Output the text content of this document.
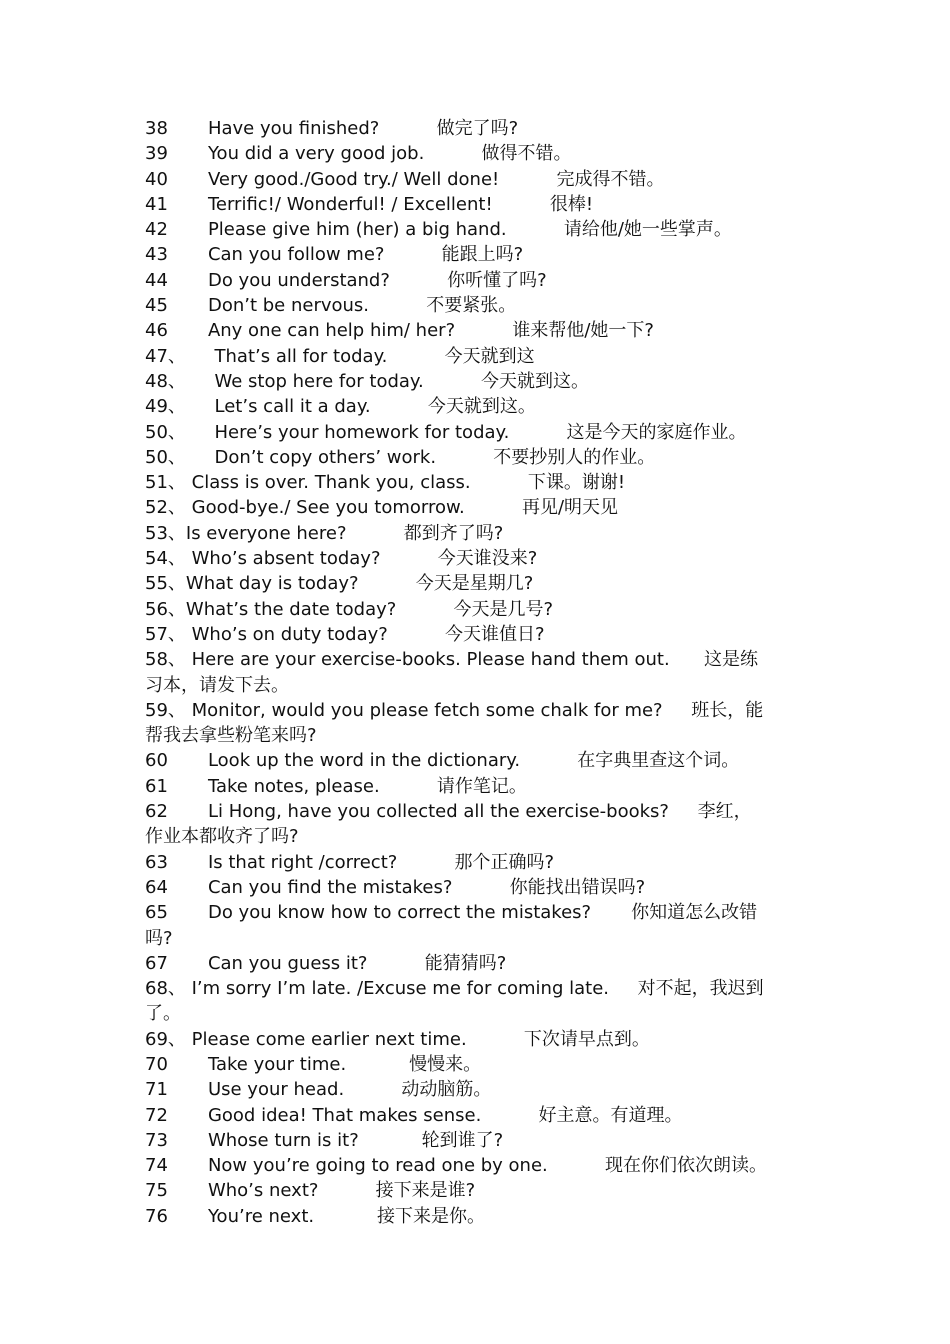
38       Have you finished?          做完了吗?
39       You did a very good job.          做得不错。
40       Very good./Good try./ Well done!          完成得不错。
41       Terrific!/ Wonderful! / Excellent!          很棒!
42       Please give him (her) a big hand.          请给他/她一些掌声。
43       Can you follow me?          能跟上吗?
44       Do you understand?          你听懂了吗?
45       Don’t be nervous.          不要紧张。
46       Any one can help him/ her?          谁来帮他/她一下?
47、     That’s all for today.          今天就到这
48、     We stop here for today.          今天就到这。
49、     Let’s call it a day.          今天就到这。
50、     Here’s your homework for today.          这是今天的家庭作业。
50、     Don’t copy others’ work.          不要抄别人的作业。
51、 Class is over. Thank you, class.          下课。谢谢!
52、 Good-bye./ See you tomorrow.          再见/明天见
53、Is everyone here?          都到齐了吗?
54、 Who’s absent today?          今天谁没来?
55、What day is today?          今天是星期几?
56、What’s the date today?          今天是几号?
57、 Who’s on duty today?          今天谁值日?
58、 Here are your exercise-books. Please hand them out.      这是练
习本，请发下去。
59、 Monitor, would you please fetch some chalk for me?     班长，能
帮我去拿些粉笔来吗?
60       Look up the word in the dictionary.          在字典里查这个词。
61       Take notes, please.          请作笔记。
62       Li Hong, have you collected all the exercise-books?     李红，
作业本都收齐了吗?
63       Is that right /correct?          那个正确吗?
64       Can you find the mistakes?          你能找出错误吗?
65       Do you know how to correct the mistakes?       你知道怎么改错
吗?
67       Can you guess it?          能猜猜吗?
68、 I’m sorry I’m late. /Excuse me for coming late.     对不起，我迟到
了。
69、 Please come earlier next time.          下次请早点到。
70       Take your time.           慢慢来。
71       Use your head.          动动脑筋。
72       Good idea! That makes sense.          好主意。有道理。
73       Whose turn is it?           轮到谁了?
74       Now you’re going to read one by one.          现在你们依次朗读。
75       Who’s next?          接下来是谁?
76       You’re next.           接下来是你。
